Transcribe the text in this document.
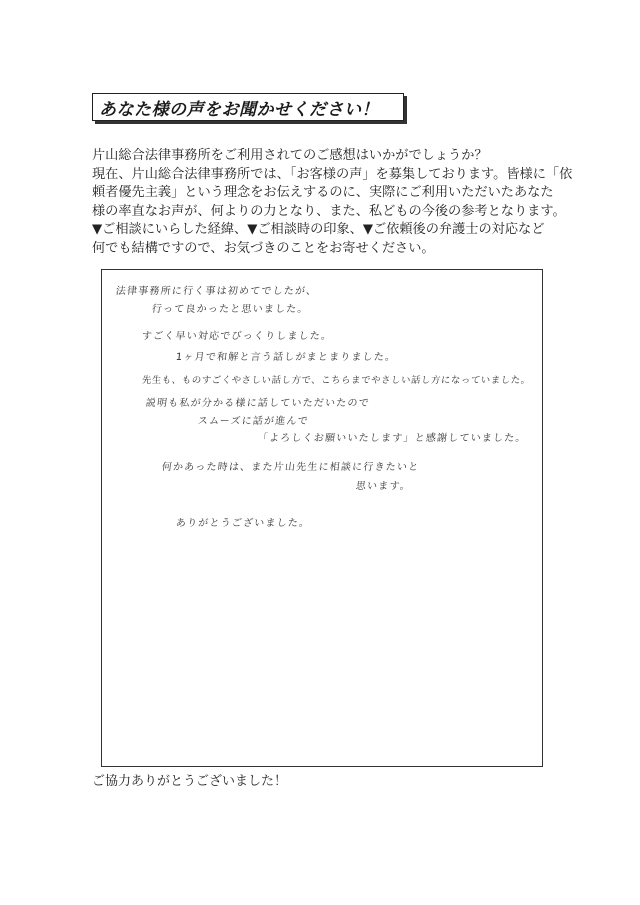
あなた様の声をお聞かせください！
片山総合法律事務所をご利用されてのご感想はいかがでしょうか？
現在、片山総合法律事務所では、「お客様の声」を募集しております。皆様に「依
頼者優先主義」という理念をお伝えするのに、実際にご利用いただいたあなた
様の率直なお声が、何よりの力となり、また、私どもの今後の参考となります。
▼ご相談にいらした経緯、▼ご相談時の印象、▼ご依頼後の弁護士の対応など
何でも結構ですので、お気づきのことをお寄せください。
法律事務所に行く事は初めてでしたが、
行って良かったと思いました。
すごく早い対応でびっくりしました。
1ヶ月で和解と言う話しがまとまりました。
先生も、ものすごくやさしい話し方で、こちらまでやさしい話し方になっていました。
説明も私が分かる様に話していただいたので
スムーズに話が進んで
「よろしくお願いいたします」と感謝していました。
何かあった時は、また片山先生に相談に行きたいと
思います。
ありがとうございました。
ご協力ありがとうございました！
